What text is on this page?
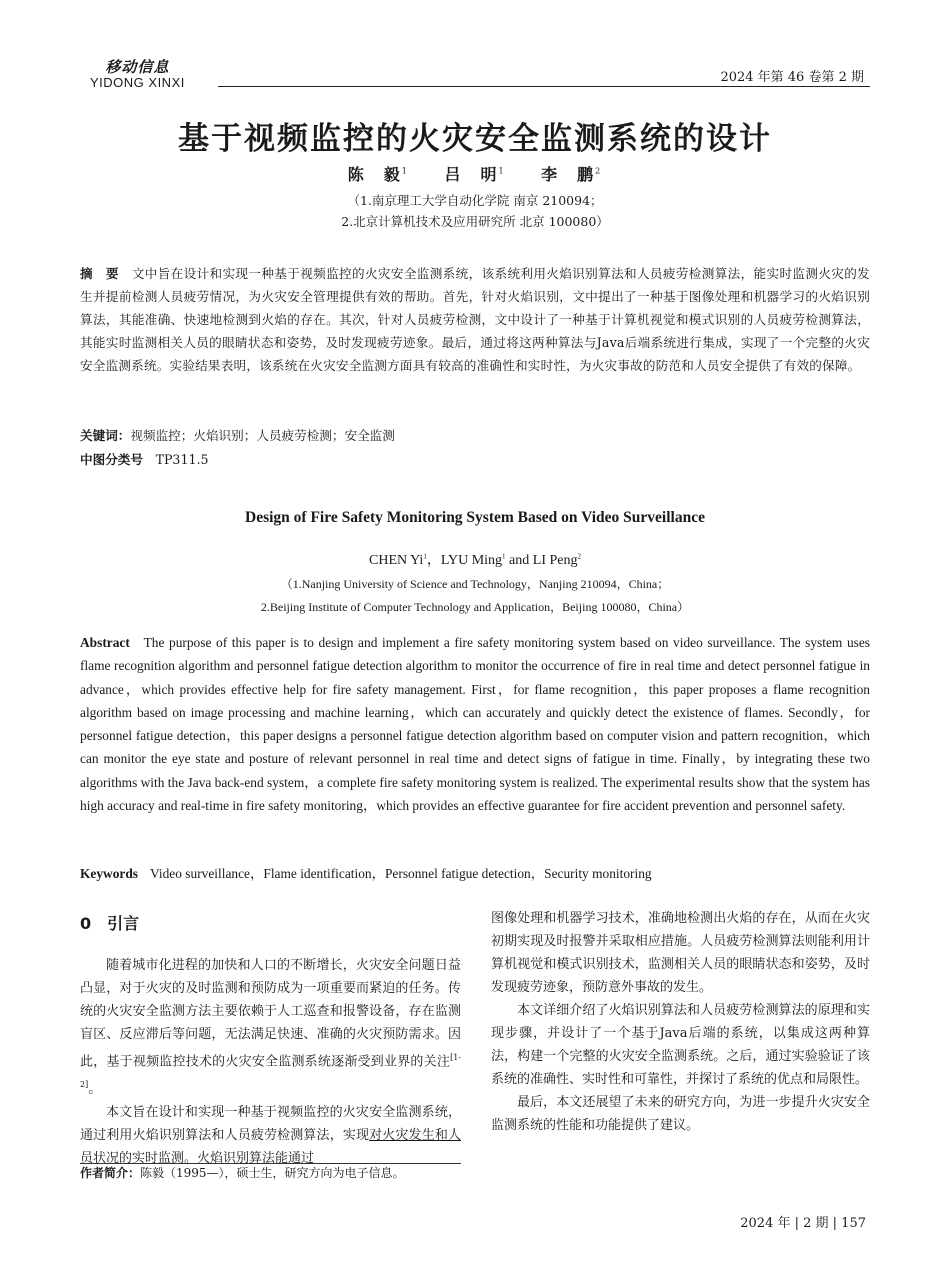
移动信息
YIDONG XINXI	2024 年第 46 卷第 2 期
基于视频监控的火灾安全监测系统的设计
陈　毅$^1$ 吕　明$^1$ 李　鹏$^2$
（1.南京理工大学自动化学院 南京 210094；
2.北京计算机技术及应用研究所 北京 100080）
摘　要　 文中旨在设计和实现一种基于视频监控的火灾安全监测系统，该系统利用火焰识别算法和人员疲劳检测算法，能实时监测火灾的发生并提前检测人员疲劳情况，为火灾安全管理提供有效的帮助。首先，针对火焰识别，文中提出了一种基于图像处理和机器学习的火焰识别算法，其能准确、快速地检测到火焰的存在。其次，针对人员疲劳检测，文中设计了一种基于计算机视觉和模式识别的人员疲劳检测算法，其能实时监测相关人员的眼睛状态和姿势，及时发现疲劳迹象。最后，通过将这两种算法与Java后端系统进行集成，实现了一个完整的火灾安全监测系统。实验结果表明，该系统在火灾安全监测方面具有较高的准确性和实时性，为火灾事故的防范和人员安全提供了有效的保障。
关键词：视频监控；火焰识别；人员疲劳检测；安全监测
中图分类号　 TP311.5
Design of Fire Safety Monitoring System Based on Video Surveillance
CHEN Yi$^1$，LYU Ming$^1$ and LI Peng$^2$
（1.Nanjing University of Science and Technology，Nanjing 210094，China；
2.Beijing Institute of Computer Technology and Application，Beijing 100080，China）
Abstract The purpose of this paper is to design and implement a fire safety monitoring system based on video surveillance. The system uses flame recognition algorithm and personnel fatigue detection algorithm to monitor the occurrence of fire in real time and detect personnel fatigue in advance，which provides effective help for fire safety management. First，for flame recognition，this paper proposes a flame recognition algorithm based on image processing and machine learning，which can accurately and quickly detect the existence of flames. Secondly，for personnel fatigue detection，this paper designs a personnel fatigue detection algorithm based on computer vision and pattern recognition，which can monitor the eye state and posture of relevant personnel in real time and detect signs of fatigue in time. Finally，by integrating these two algorithms with the Java back-end system，a complete fire safety monitoring system is realized. The experimental results show that the system has high accuracy and real-time in fire safety monitoring，which provides an effective guarantee for fire accident prevention and personnel safety.
Keywords Video surveillance，Flame identification，Personnel fatigue detection，Security monitoring
0 引言

随着城市化进程的加快和人口的不断增长，火灾安全问题日益凸显，对于火灾的及时监测和预防成为一项重要而紧迫的任务。传统的火灾安全监测方法主要依赖于人工巡查和报警设备，存在监测盲区、反应滞后等问题，无法满足快速、准确的火灾预防需求。因此，基于视频监控技术的火灾安全监测系统逐渐受到业界的关注[1-2]。

本文旨在设计和实现一种基于视频监控的火灾安全监测系统，通过利用火焰识别算法和人员疲劳检测算法，实现对火灾发生和人员状况的实时监测。火焰识别算法能通过

图像处理和机器学习技术，准确地检测出火焰的存在，从而在火灾初期实现及时报警并采取相应措施。人员疲劳检测算法则能利用计算机视觉和模式识别技术，监测相关人员的眼睛状态和姿势，及时发现疲劳迹象，预防意外事故的发生。

本文详细介绍了火焰识别算法和人员疲劳检测算法的原理和实现步骤，并设计了一个基于Java后端的系统，以集成这两种算法，构建一个完整的火灾安全监测系统。之后，通过实验验证了该系统的准确性、实时性和可靠性，并探讨了系统的优点和局限性。

最后，本文还展望了未来的研究方向，为进一步提升火灾安全监测系统的性能和功能提供了建议。

作者简介：陈毅（1995—），硕士生，研究方向为电子信息。
2024 年 | 2 期 | 157
